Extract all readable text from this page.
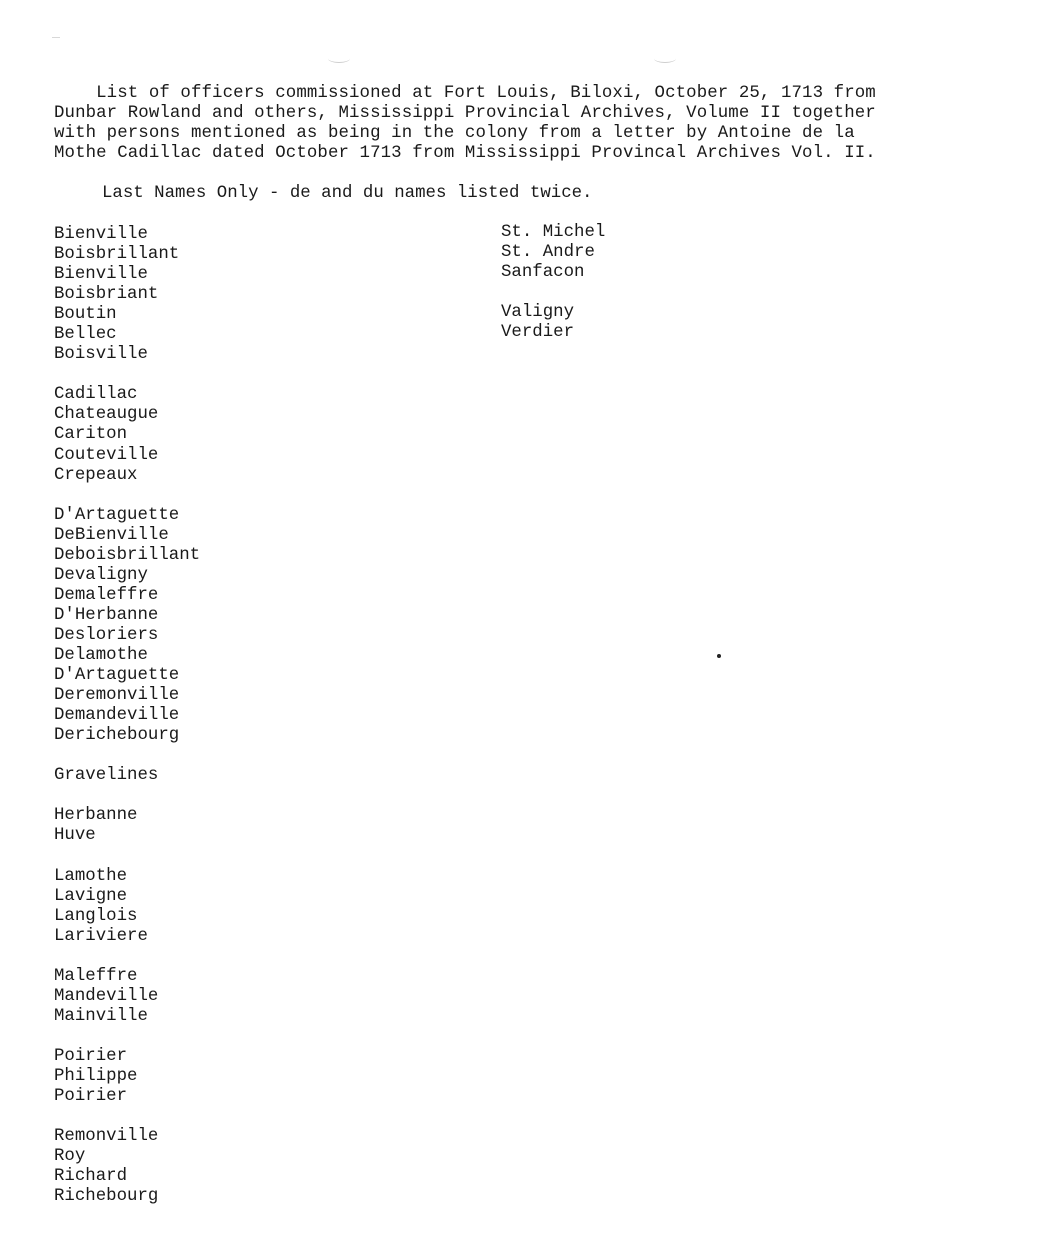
List of officers commissioned at Fort Louis, Biloxi, October 25, 1713 from
Dunbar Rowland and others, Mississippi Provincial Archives, Volume II together
with persons mentioned as being in the colony from a letter by Antoine de la
Mothe Cadillac dated October 1713 from Mississippi Provincal Archives Vol. II.
Last Names Only - de and du names listed twice.
Bienville
Boisbrillant
Bienville
Boisbriant
Boutin
Bellec
Boisville
Cadillac
Chateaugue
Cariton
Couteville
Crepeaux
D'Artaguette
DeBienville
Deboisbrillant
Devaligny
Demaleffre
D'Herbanne
Desloriers
Delamothe
D'Artaguette
Deremonville
Demandeville
Derichebourg
Gravelines
Herbanne
Huve
Lamothe
Lavigne
Langlois
Lariviere
Maleffre
Mandeville
Mainville
Poirier
Philippe
Poirier
Remonville
Roy
Richard
Richebourg
St. Michel
St. Andre
Sanfacon
Valigny
Verdier
